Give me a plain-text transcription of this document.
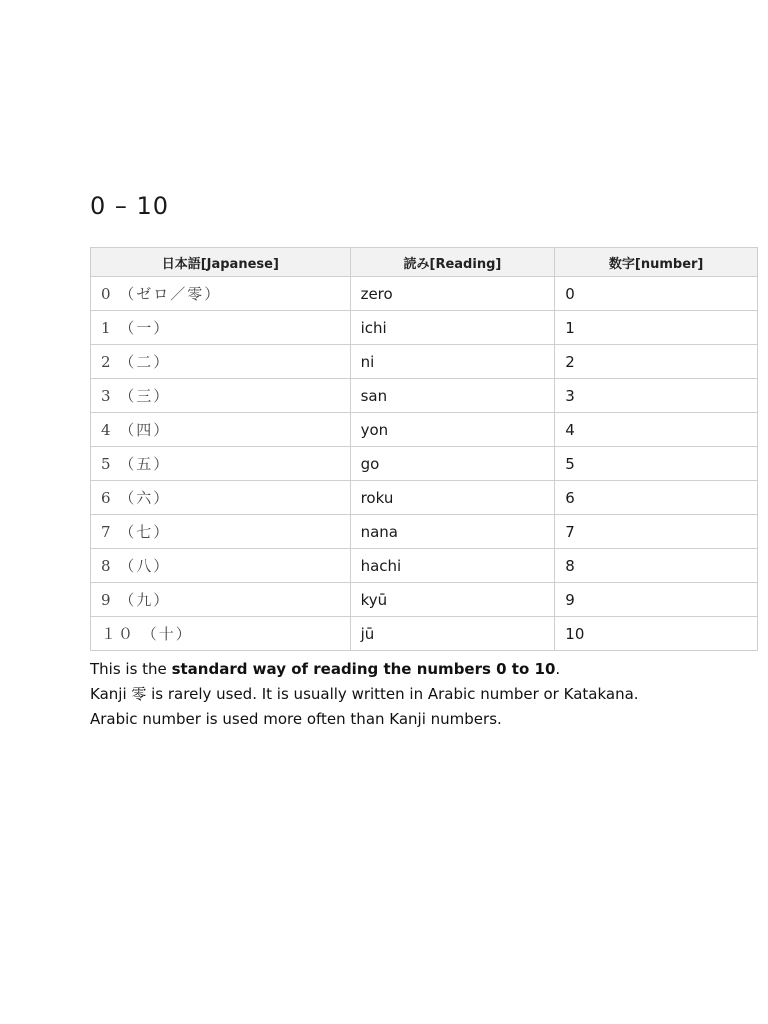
0 – 10
日本語[Japanese]	読み[Reading]	数字[number]
0 （ゼロ／零）	zero	0
1 （一）	ichi	1
2 （二）	ni	2
3 （三）	san	3
4 （四）	yon	4
5 （五）	go	5
6 （六）	roku	6
7 （七）	nana	7
8 （八）	hachi	8
9 （九）	kyū	9
１０ （十）	jū	10

This is the standard way of reading the numbers 0 to 10.

Kanji 零 is rarely used. It is usually written in Arabic number or Katakana.

Arabic number is used more often than Kanji numbers.
